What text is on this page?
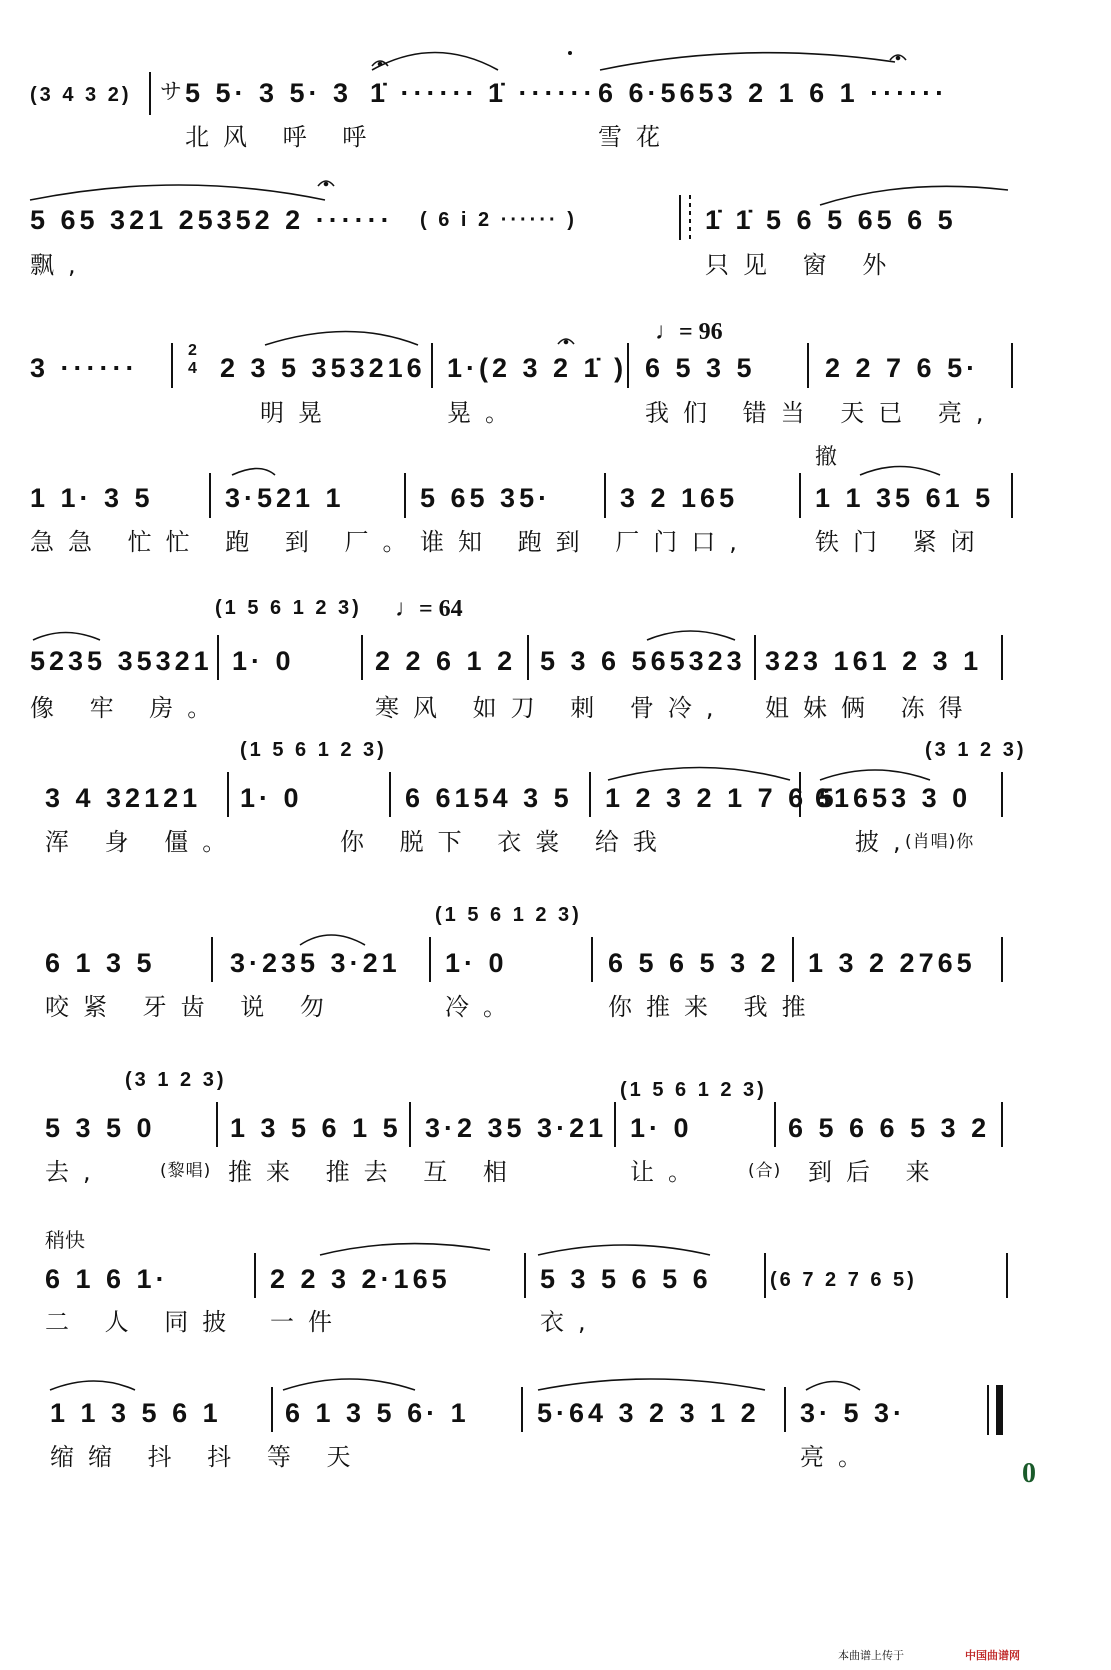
(3 4 3 2) サ 5 5· 3 5· 3 1̇ ······ 1̇ ······ 6 6·5653 2 1 6 1 ······
北风 呼 呼	雪花
5 65 321 25352 2 ······ ( 6 i 2 ······ )	1̇ 1̇ 5 6 5 65 6 5
飘,	只见 窗 外
3 ······
2
4 2 3 5 353216 1·(2 3 2 1̇ )
♩= 96
6 5 3 5	2 2 7 6 5·
明晃	晃。	我们 错当 天已 亮,
撤
1 1· 3 5	3·521 1	5 65 35·	3 2 165	1 1 35 61 5
急急 忙忙 跑 到 厂。 谁知 跑到 厂门口,	铁门 紧闭
(1 5 6 1 2 3) ♩= 64
5235 35321 1· 0	2 2 6 1 2 5 3 6 565323 323 161 2 3 1
像 牢 房。	寒风 如刀 刺 骨冷, 姐妹俩 冻得
(1 5 6 1 2 3)	(3 1 2 3)
3 4 32121 1· 0	6 6154 3 5 1 2 3 2 1 7 6 5
61653 3 0
浑 身 僵。	你 脱下 衣裳 给我	披,
(肖唱)你
(1 5 6 1 2 3)
6 1 3 5	3·235 3·21 1· 0	6 5 6 5 3 2 1 3 2 2765
咬紧 牙齿 说 勿	冷。	你推来 我推
(3 1 2 3)	(1 5 6 1 2 3)
5 3 5 0	1 3 5 6 1 5 3·2 35 3·21 1· 0	6 5 6 6 5 3 2
去,	(黎唱) 推来 推去 互 相	让。 (合) 到后 来
稍快
6 1 6 1·	2 2 3 2·165	5 3 5 6 5 6	(6 7 2 7 6 5)
二 人 同披 一件	衣,
1 1 3 5 6 1 6 1 3 5 6· 1 5·64 3 2 3 1 2 3· 5 3·
缩缩 抖 抖 等 天	亮。
本曲谱上传于	中国曲谱网
0
